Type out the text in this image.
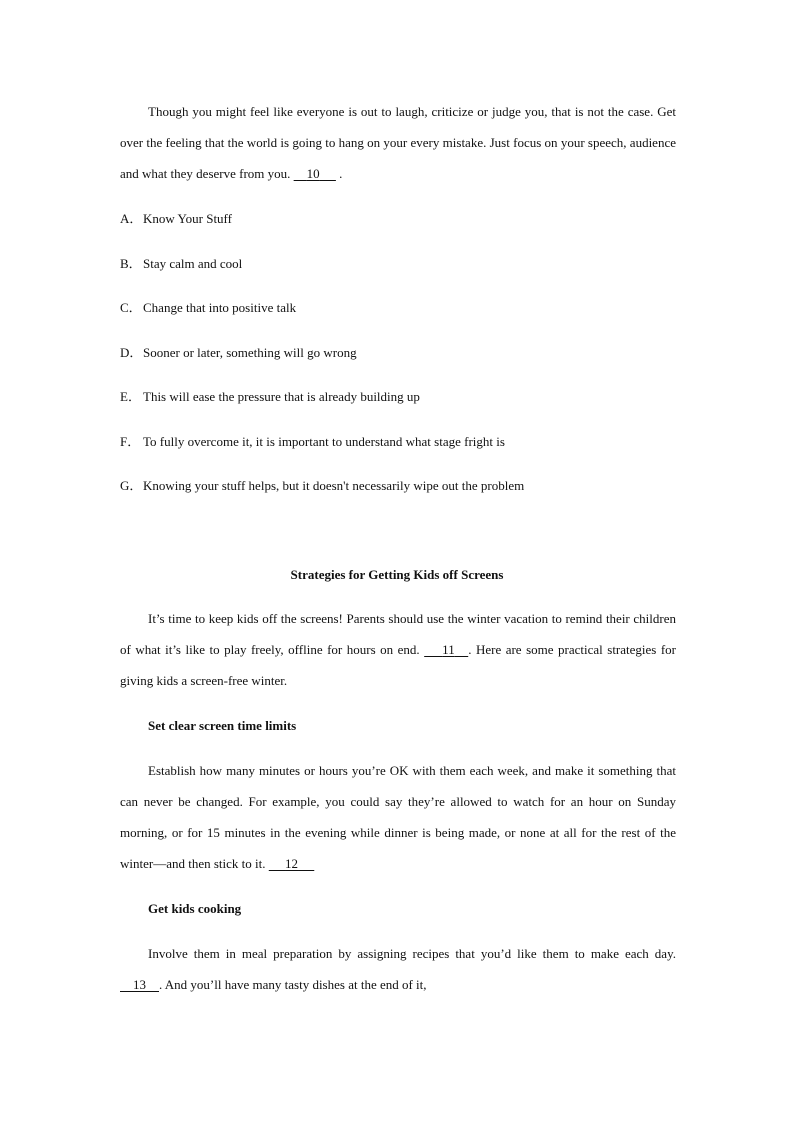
Though you might feel like everyone is out to laugh, criticize or judge you, that is not the case. Get over the feeling that the world is going to hang on your every mistake. Just focus on your speech, audience and what they deserve from you.     10      .

A．Know Your Stuff
B．Stay calm and cool
C．Change that into positive talk
D．Sooner or later, something will go wrong
E． This will ease the pressure that is already building up
F． To fully overcome it, it is important to understand what stage fright is
G．Knowing your stuff helps, but it doesn't necessarily wipe out the problem
Strategies for Getting Kids off Screens

It’s time to keep kids off the screens! Parents should use the winter vacation to remind their children of what it’s like to play freely, offline for hours on end.     11 . Here are some practical strategies for giving kids a screen-free winter.

Set clear screen time limits

Establish how many minutes or hours you’re OK with them each week, and make it something that can never be changed. For example, you could say they’re allowed to watch for an hour on Sunday morning, or for 15 minutes in the evening while dinner is being made, or none at all for the rest of the winter—and then stick to it.      12

Get kids cooking

Involve them in meal preparation by assigning recipes that you’d like them to make each day.     13 . And you’ll have many tasty dishes at the end of it,
